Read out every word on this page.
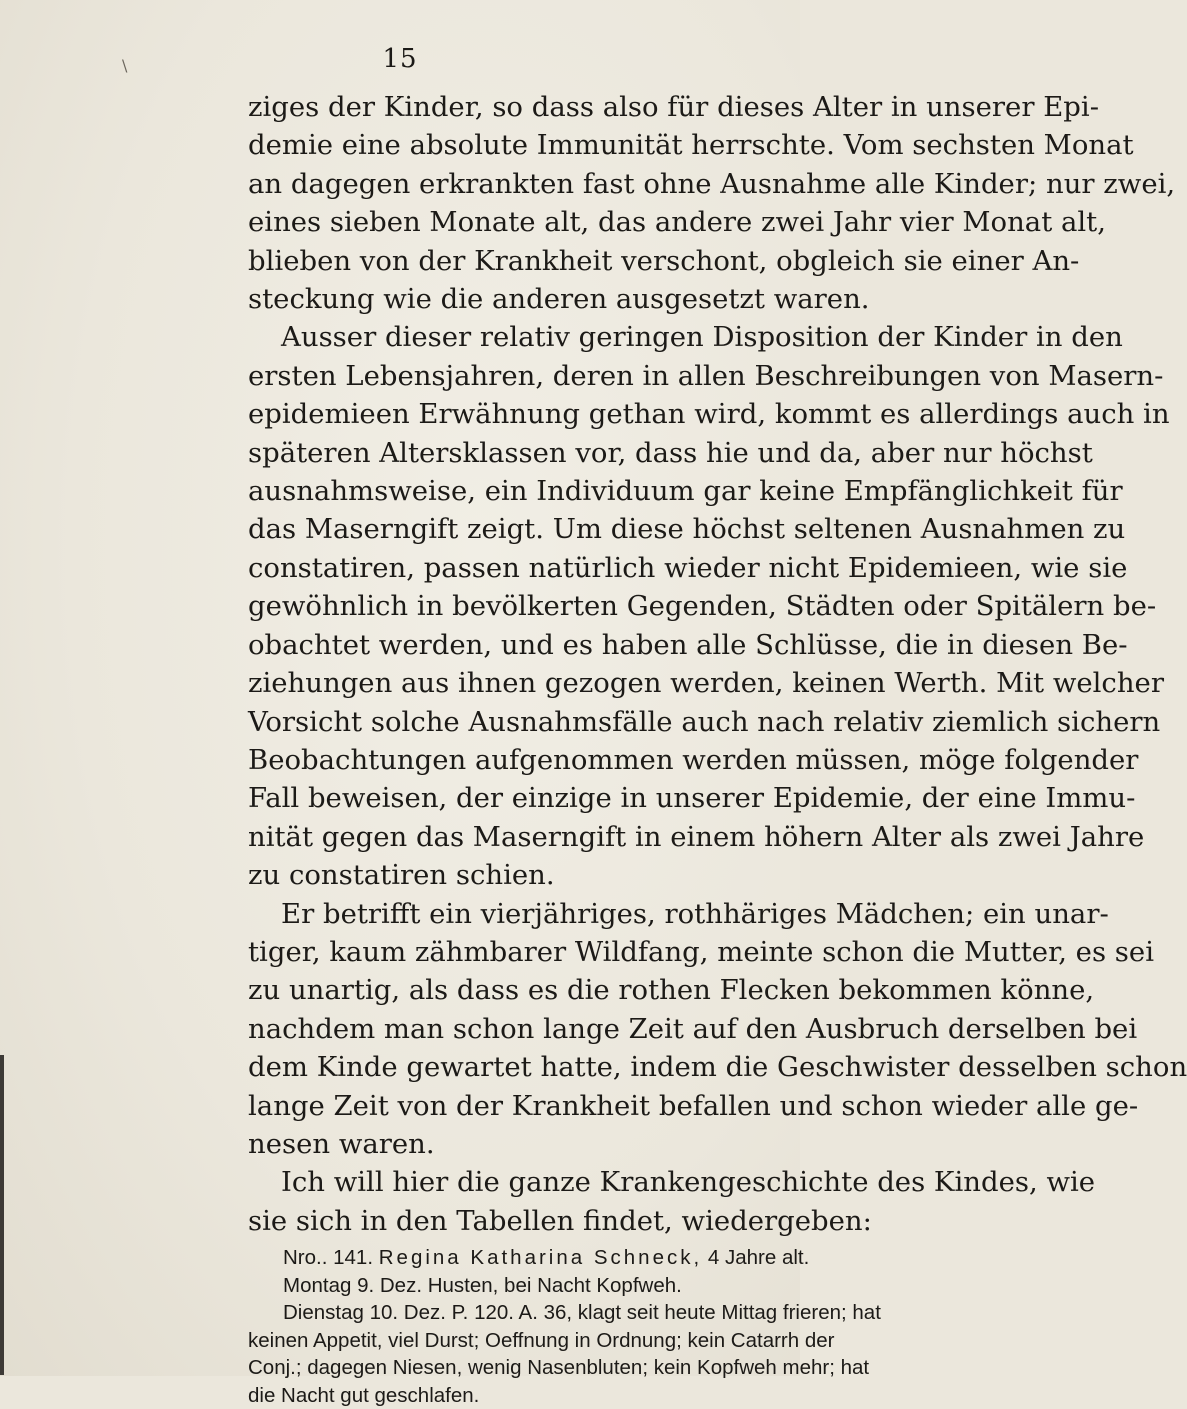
\	15
ziges der Kinder, so dass also für dieses Alter in unserer Epi-
demie eine absolute Immunität herrschte. Vom sechsten Monat
an dagegen erkrankten fast ohne Ausnahme alle Kinder; nur zwei,
eines sieben Monate alt, das andere zwei Jahr vier Monat alt,
blieben von der Krankheit verschont, obgleich sie einer An-
steckung wie die anderen ausgesetzt waren.
Ausser dieser relativ geringen Disposition der Kinder in den
ersten Lebensjahren, deren in allen Beschreibungen von Masern-
epidemieen Erwähnung gethan wird, kommt es allerdings auch in
späteren Altersklassen vor, dass hie und da, aber nur höchst
ausnahmsweise, ein Individuum gar keine Empfänglichkeit für
das Maserngift zeigt. Um diese höchst seltenen Ausnahmen zu
constatiren, passen natürlich wieder nicht Epidemieen, wie sie
gewöhnlich in bevölkerten Gegenden, Städten oder Spitälern be-
obachtet werden, und es haben alle Schlüsse, die in diesen Be-
ziehungen aus ihnen gezogen werden, keinen Werth. Mit welcher
Vorsicht solche Ausnahmsfälle auch nach relativ ziemlich sichern
Beobachtungen aufgenommen werden müssen, möge folgender
Fall beweisen, der einzige in unserer Epidemie, der eine Immu-
nität gegen das Maserngift in einem höhern Alter als zwei Jahre
zu constatiren schien.
Er betrifft ein vierjähriges, rothhäriges Mädchen; ein unar-
tiger, kaum zähmbarer Wildfang, meinte schon die Mutter, es sei
zu unartig, als dass es die rothen Flecken bekommen könne,
nachdem man schon lange Zeit auf den Ausbruch derselben bei
dem Kinde gewartet hatte, indem die Geschwister desselben schon
lange Zeit von der Krankheit befallen und schon wieder alle ge-
nesen waren.
Ich will hier die ganze Krankengeschichte des Kindes, wie
sie sich in den Tabellen findet, wiedergeben:
Nro.. 141. Regina Katharina Schneck, 4 Jahre alt.
Montag 9. Dez. Husten, bei Nacht Kopfweh.
Dienstag 10. Dez. P. 120. A. 36, klagt seit heute Mittag frieren; hat
keinen Appetit, viel Durst; Oeffnung in Ordnung; kein Catarrh der
Conj.; dagegen Niesen, wenig Nasenbluten; kein Kopfweh mehr; hat
die Nacht gut geschlafen.
